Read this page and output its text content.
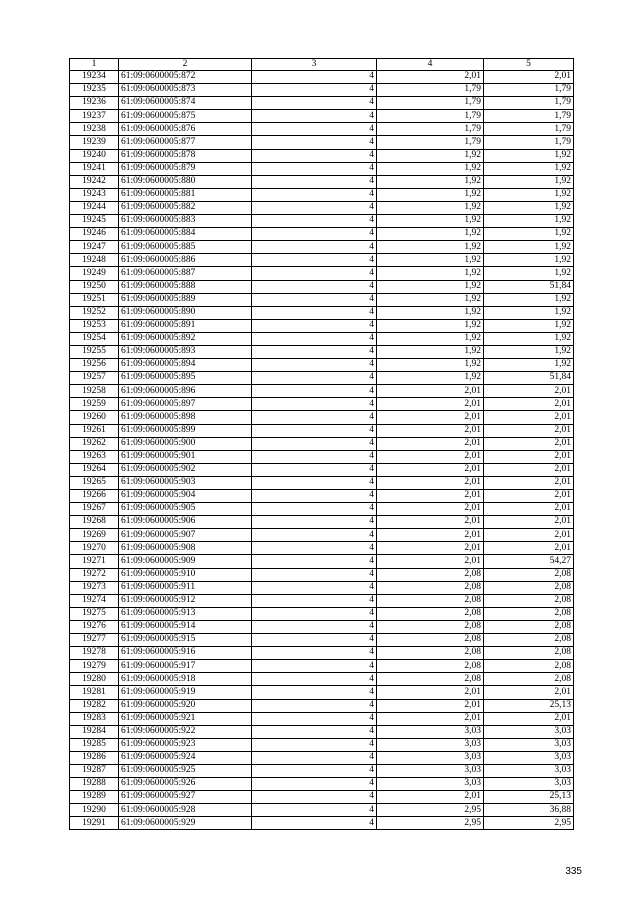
1	2	3	4	5
19234	61:09:0600005:872	4	2,01	2,01
19235	61:09:0600005:873	4	1,79	1,79
19236	61:09:0600005:874	4	1,79	1,79
19237	61:09:0600005:875	4	1,79	1,79
19238	61:09:0600005:876	4	1,79	1,79
19239	61:09:0600005:877	4	1,79	1,79
19240	61:09:0600005:878	4	1,92	1,92
19241	61:09:0600005:879	4	1,92	1,92
19242	61:09:0600005:880	4	1,92	1,92
19243	61:09:0600005:881	4	1,92	1,92
19244	61:09:0600005:882	4	1,92	1,92
19245	61:09:0600005:883	4	1,92	1,92
19246	61:09:0600005:884	4	1,92	1,92
19247	61:09:0600005:885	4	1,92	1,92
19248	61:09:0600005:886	4	1,92	1,92
19249	61:09:0600005:887	4	1,92	1,92
19250	61:09:0600005:888	4	1,92	51,84
19251	61:09:0600005:889	4	1,92	1,92
19252	61:09:0600005:890	4	1,92	1,92
19253	61:09:0600005:891	4	1,92	1,92
19254	61:09:0600005:892	4	1,92	1,92
19255	61:09:0600005:893	4	1,92	1,92
19256	61:09:0600005:894	4	1,92	1,92
19257	61:09:0600005:895	4	1,92	51,84
19258	61:09:0600005:896	4	2,01	2,01
19259	61:09:0600005:897	4	2,01	2,01
19260	61:09:0600005:898	4	2,01	2,01
19261	61:09:0600005:899	4	2,01	2,01
19262	61:09:0600005:900	4	2,01	2,01
19263	61:09:0600005:901	4	2,01	2,01
19264	61:09:0600005:902	4	2,01	2,01
19265	61:09:0600005:903	4	2,01	2,01
19266	61:09:0600005:904	4	2,01	2,01
19267	61:09:0600005:905	4	2,01	2,01
19268	61:09:0600005:906	4	2,01	2,01
19269	61:09:0600005:907	4	2,01	2,01
19270	61:09:0600005:908	4	2,01	2,01
19271	61:09:0600005:909	4	2,01	54,27
19272	61:09:0600005:910	4	2,08	2,08
19273	61:09:0600005:911	4	2,08	2,08
19274	61:09:0600005:912	4	2,08	2,08
19275	61:09:0600005:913	4	2,08	2,08
19276	61:09:0600005:914	4	2,08	2,08
19277	61:09:0600005:915	4	2,08	2,08
19278	61:09:0600005:916	4	2,08	2,08
19279	61:09:0600005:917	4	2,08	2,08
19280	61:09:0600005:918	4	2,08	2,08
19281	61:09:0600005:919	4	2,01	2,01
19282	61:09:0600005:920	4	2,01	25,13
19283	61:09:0600005:921	4	2,01	2,01
19284	61:09:0600005:922	4	3,03	3,03
19285	61:09:0600005:923	4	3,03	3,03
19286	61:09:0600005:924	4	3,03	3,03
19287	61:09:0600005:925	4	3,03	3,03
19288	61:09:0600005:926	4	3,03	3,03
19289	61:09:0600005:927	4	2,01	25,13
19290	61:09:0600005:928	4	2,95	36,88
19291	61:09:0600005:929	4	2,95	2,95
335
